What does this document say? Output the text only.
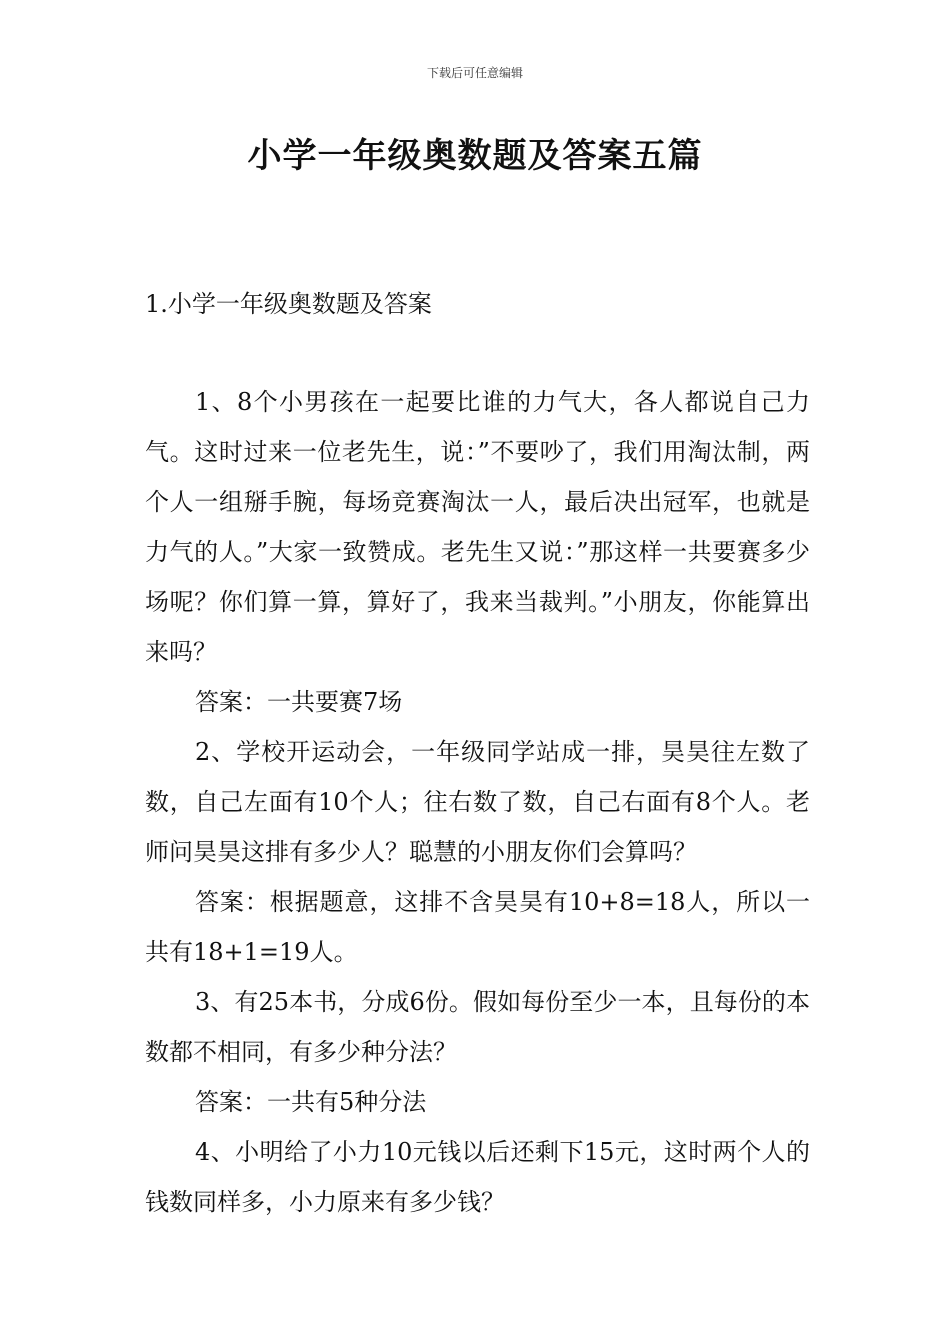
下载后可任意编辑
小学一年级奥数题及答案五篇
1.小学一年级奥数题及答案

1、8个小男孩在一起要比谁的力气大，各人都说自己力气。这时过来一位老先生，说：”不要吵了，我们用淘汰制，两个人一组掰手腕，每场竞赛淘汰一人，最后决出冠军，也就是力气的人。”大家一致赞成。老先生又说：”那这样一共要赛多少场呢？你们算一算，算好了，我来当裁判。”小朋友，你能算出来吗？

答案：一共要赛7场

2、学校开运动会，一年级同学站成一排，昊昊往左数了数，自己左面有10个人；往右数了数，自己右面有8个人。老师问昊昊这排有多少人？聪慧的小朋友你们会算吗？

答案：根据题意，这排不含昊昊有10+8=18人，所以一共有18+1=19人。

3、有25本书，分成6份。假如每份至少一本，且每份的本数都不相同，有多少种分法？

答案：一共有5种分法

4、小明给了小力10元钱以后还剩下15元，这时两个人的钱数同样多，小力原来有多少钱？
